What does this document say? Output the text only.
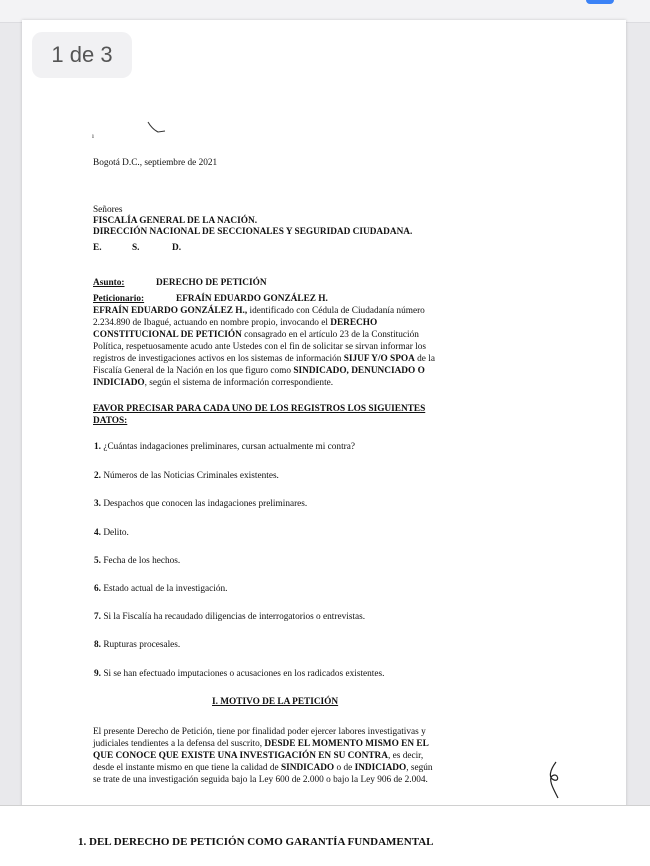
1 de 3
ı
Bogotá D.C., septiembre de 2021
Señores
FISCALÍA GENERAL DE LA NACIÓN.
DIRECCIÓN NACIONAL DE SECCIONALES Y SEGURIDAD CIUDADANA.
E.	S.	D.
Asunto:	DERECHO DE PETICIÓN
Peticionario:	EFRAÍN EDUARDO GONZÁLEZ H.
EFRAÍN EDUARDO GONZÁLEZ H., identificado con Cédula de Ciudadanía número
2.234.890 de Ibagué, actuando en nombre propio, invocando el DERECHO
CONSTITUCIONAL DE PETICIÓN consagrado en el artículo 23 de la Constitución
Política, respetuosamente acudo ante Ustedes con el fin de solicitar se sirvan informar los
registros de investigaciones activos en los sistemas de información SIJUF Y/O SPOA de la
Fiscalía General de la Nación en los que figuro como SINDICADO, DENUNCIADO O
INDICIADO, según el sistema de información correspondiente.
FAVOR PRECISAR PARA CADA UNO DE LOS REGISTROS LOS SIGUIENTES
DATOS:
1. ¿Cuántas indagaciones preliminares, cursan actualmente mi contra?
2. Números de las Noticias Criminales existentes.
3. Despachos que conocen las indagaciones preliminares.
4. Delito.
5. Fecha de los hechos.
6. Estado actual de la investigación.
7. Si la Fiscalía ha recaudado diligencias de interrogatorios o entrevistas.
8. Rupturas procesales.
9. Si se han efectuado imputaciones o acusaciones en los radicados existentes.
I. MOTIVO DE LA PETICIÓN
El presente Derecho de Petición, tiene por finalidad poder ejercer labores investigativas y
judiciales tendientes a la defensa del suscrito, DESDE EL MOMENTO MISMO EN EL
QUE CONOCE QUE EXISTE UNA INVESTIGACIÓN EN SU CONTRA, es decir,
desde el instante mismo en que tiene la calidad de SINDICADO o de INDICIADO, según
se trate de una investigación seguida bajo la Ley 600 de 2.000 o bajo la Ley 906 de 2.004.
1. DEL DERECHO DE PETICIÓN COMO GARANTÍA FUNDAMENTAL
